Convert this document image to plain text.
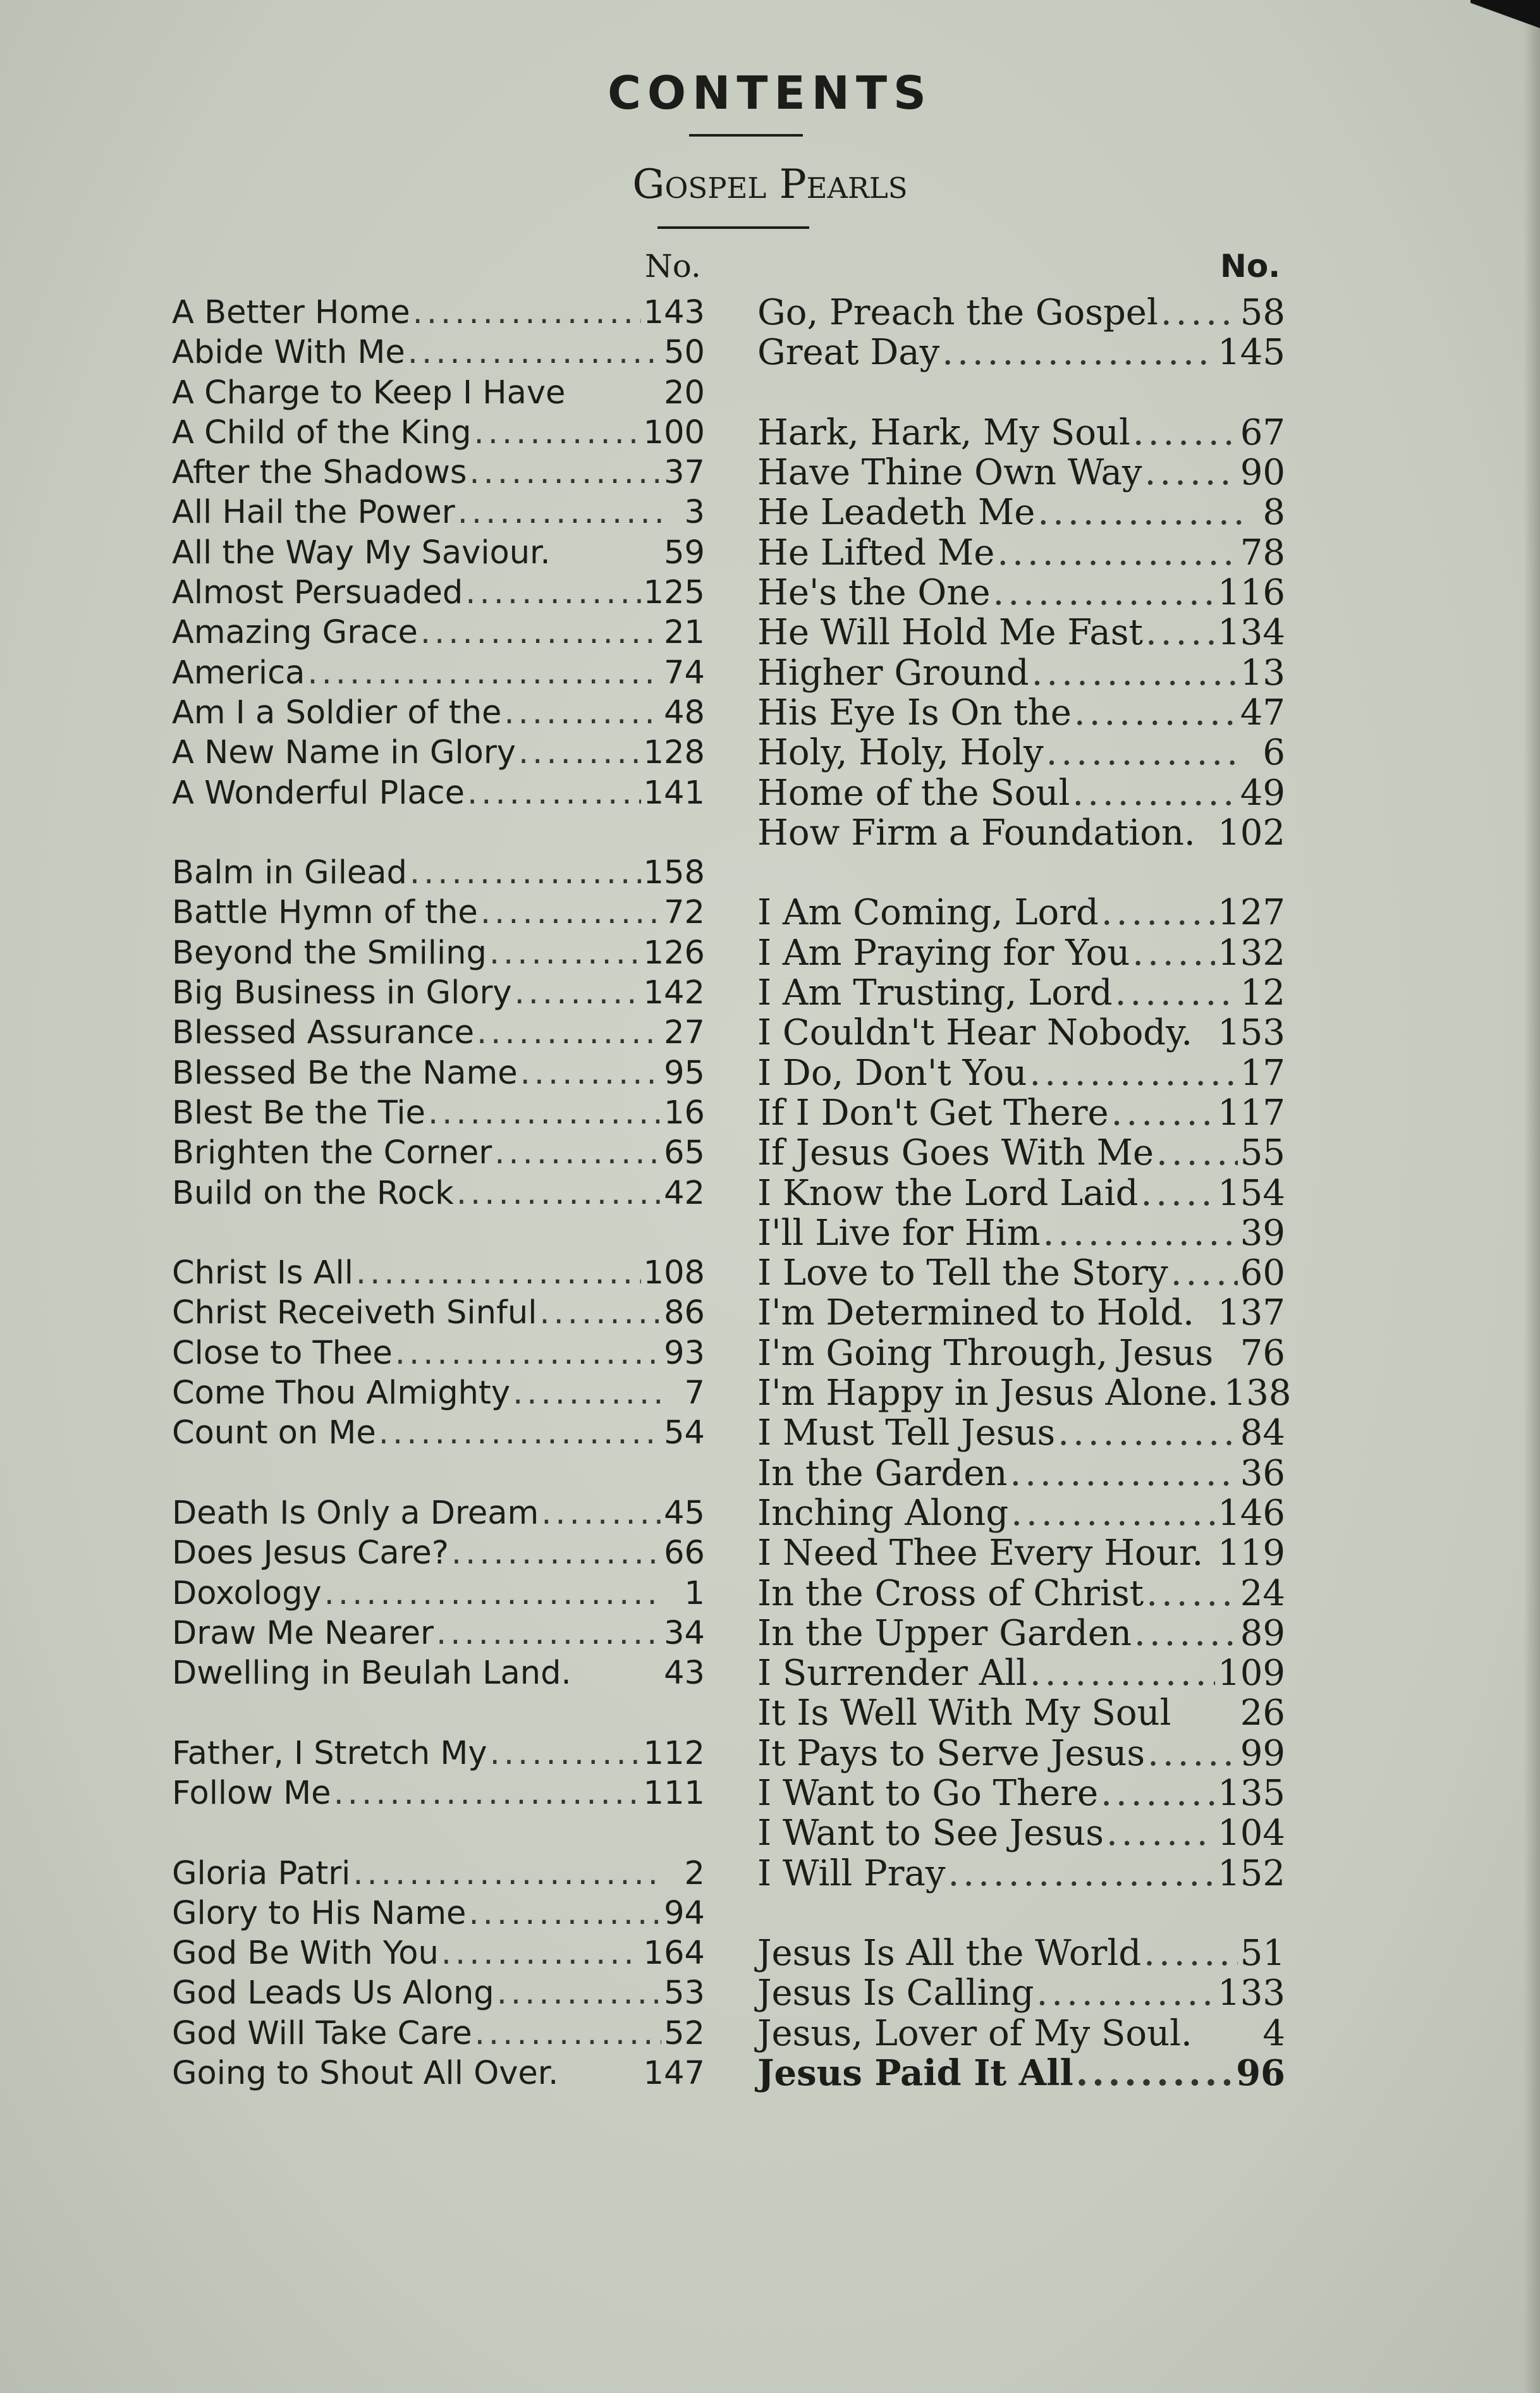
CONTENTS
Gospel Pearls
No.	No.
A Better Home .....	143
Abide With Me .....	50
A Charge to Keep I Have	20
A Child of the King .....	100
After the Shadows .....	37
All Hail the Power .....	3
All the Way My Saviour.	59
Almost Persuaded .....	125
Amazing Grace .....	21
America .....	74
Am I a Soldier of the .....	48
A New Name in Glory .....	128
A Wonderful Place .....	141
Balm in Gilead .....	158
Battle Hymn of the .....	72
Beyond the Smiling .....	126
Big Business in Glory .....	142
Blessed Assurance .....	27
Blessed Be the Name .....	95
Blest Be the Tie .....	16
Brighten the Corner .....	65
Build on the Rock .....	42
Christ Is All .....	108
Christ Receiveth Sinful .....	86
Close to Thee .....	93
Come Thou Almighty .....	7
Count on Me .....	54
Death Is Only a Dream .....	45
Does Jesus Care? .....	66
Doxology .....	1
Draw Me Nearer .....	34
Dwelling in Beulah Land.	43
Father, I Stretch My .....	112
Follow Me .....	111
Gloria Patri .....	2
Glory to His Name .....	94
God Be With You .....	164
God Leads Us Along .....	53
God Will Take Care .....	52
Going to Shout All Over.	147
Go, Preach the Gospel ..... 58
Great Day .....	145
Hark, Hark, My Soul .....	67
Have Thine Own Way .....	90
He Leadeth Me .....	8
He Lifted Me .....	78
He's the One .....	116
He Will Hold Me Fast ..... 134
Higher Ground .....	13
His Eye Is On the .....	47
Holy, Holy, Holy .....	6
Home of the Soul .....	49
How Firm a Foundation. 102
I Am Coming, Lord .....	127
I Am Praying for You ..... 132
I Am Trusting, Lord .....	12
I Couldn't Hear Nobody. 153
I Do, Don't You .....	17
If I Don't Get There .....	117
If Jesus Goes With Me ..... 55
I Know the Lord Laid ..... 154
I'll Live for Him .....	39
I Love to Tell the Story ..... 60
I'm Determined to Hold. 137
I'm Going Through, Jesus 76
I'm Happy in Jesus Alone. 138
I Must Tell Jesus .....	84
In the Garden .....	36
Inching Along .....	146
I Need Thee Every Hour. 119
In the Cross of Christ .....	24
In the Upper Garden .....	89
I Surrender All .....	109
It Is Well With My Soul 26
It Pays to Serve Jesus .....	99
I Want to Go There .....	135
I Want to See Jesus .....	104
I Will Pray .....	152
Jesus Is All the World .....	51
Jesus Is Calling .....	133
Jesus, Lover of My Soul.	4
Jesus Paid It All .....	96
